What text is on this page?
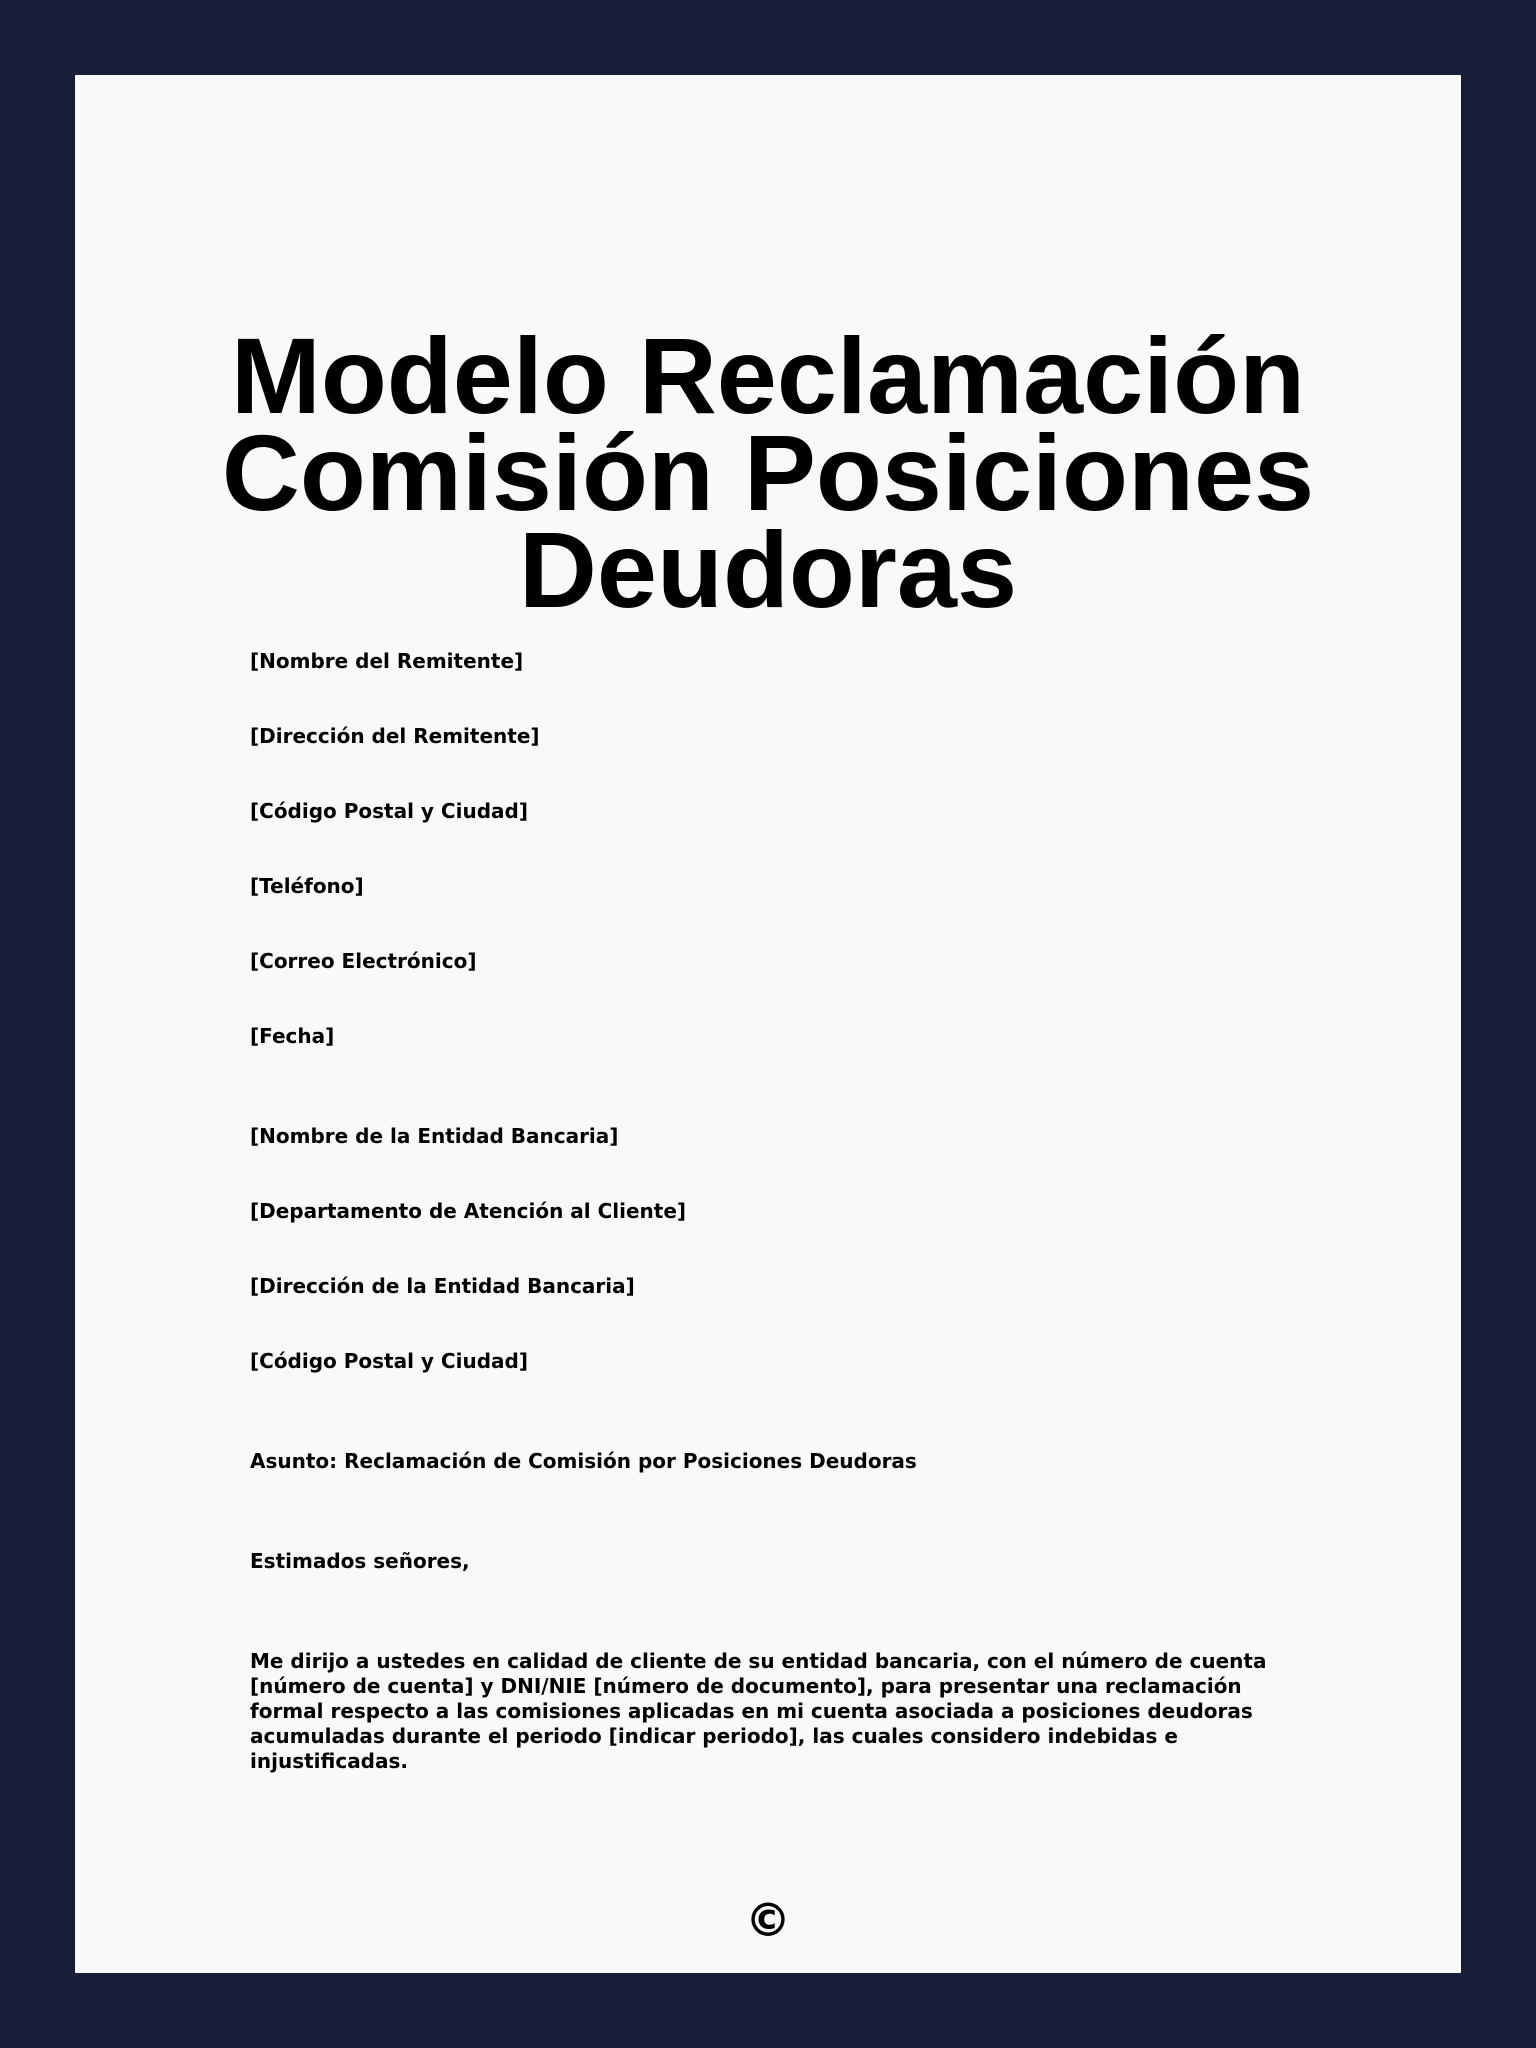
Modelo Reclamación
Comisión Posiciones
Deudoras

[Nombre del Remitente]

[Dirección del Remitente]

[Código Postal y Ciudad]

[Teléfono]

[Correo Electrónico]

[Fecha]

[Nombre de la Entidad Bancaria]

[Departamento de Atención al Cliente]

[Dirección de la Entidad Bancaria]

[Código Postal y Ciudad]

Asunto: Reclamación de Comisión por Posiciones Deudoras

Estimados señores,

Me dirijo a ustedes en calidad de cliente de su entidad bancaria, con el número de cuenta [número de cuenta] y DNI/NIE [número de documento], para presentar una reclamación formal respecto a las comisiones aplicadas en mi cuenta asociada a posiciones deudoras acumuladas durante el periodo [indicar periodo], las cuales considero indebidas e injustificadas.

©
